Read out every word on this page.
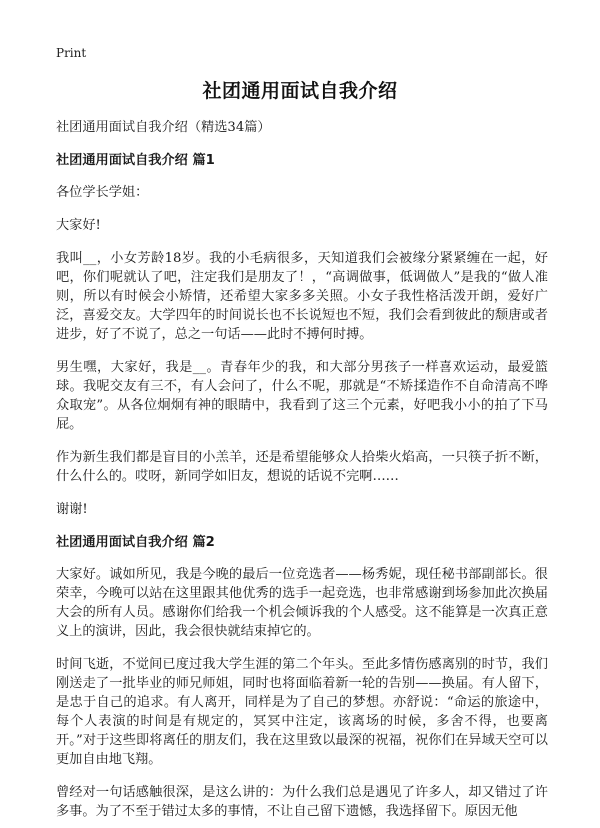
Print
社团通用面试自我介绍

社团通用面试自我介绍（精选34篇）

社团通用面试自我介绍 篇1

各位学长学姐：

大家好!

我叫__，小女芳龄18岁。我的小毛病很多，天知道我们会被缘分紧紧缠在一起，好吧，你们呢就认了吧，注定我们是朋友了！，“高调做事，低调做人”是我的“做人准则，所以有时候会小矫情，还希望大家多多关照。小女子我性格活泼开朗，爱好广泛，喜爱交友。大学四年的时间说长也不长说短也不短，我们会看到彼此的颓唐或者进步，好了不说了，总之一句话——此时不搏何时搏。

男生嘿，大家好，我是__。青春年少的我，和大部分男孩子一样喜欢运动，最爱篮球。我呢交友有三不，有人会问了，什么不呢，那就是“不矫揉造作不自命清高不哗众取宠”。从各位炯炯有神的眼睛中，我看到了这三个元素，好吧我小小的拍了下马屁。

作为新生我们都是盲目的小羔羊，还是希望能够众人拾柴火焰高，一只筷子折不断，什么什么的。哎呀，新同学如旧友，想说的话说不完啊……

谢谢!

社团通用面试自我介绍 篇2

大家好。诚如所见，我是今晚的最后一位竞选者——杨秀妮，现任秘书部副部长。很荣幸，今晚可以站在这里跟其他优秀的选手一起竞选，也非常感谢到场参加此次换届大会的所有人员。感谢你们给我一个机会倾诉我的个人感受。这不能算是一次真正意义上的演讲，因此，我会很快就结束掉它的。

时间飞逝，不觉间已度过我大学生涯的第二个年头。至此多情伤感离别的时节，我们刚送走了一批毕业的师兄师姐，同时也将面临着新一轮的告别——换届。有人留下，是忠于自己的追求。有人离开，同样是为了自己的梦想。亦舒说：“命运的旅途中，每个人表演的时间是有规定的，冥冥中注定，该离场的时候，多舍不得，也要离开。”对于这些即将离任的朋友们，我在这里致以最深的祝福，祝你们在异域天空可以更加自由地飞翔。

曾经对一句话感触很深，是这么讲的：为什么我们总是遇见了许多人，却又错过了许多事。为了不至于错过太多的事情，不让自己留下遗憾，我选择留下。原因无他
